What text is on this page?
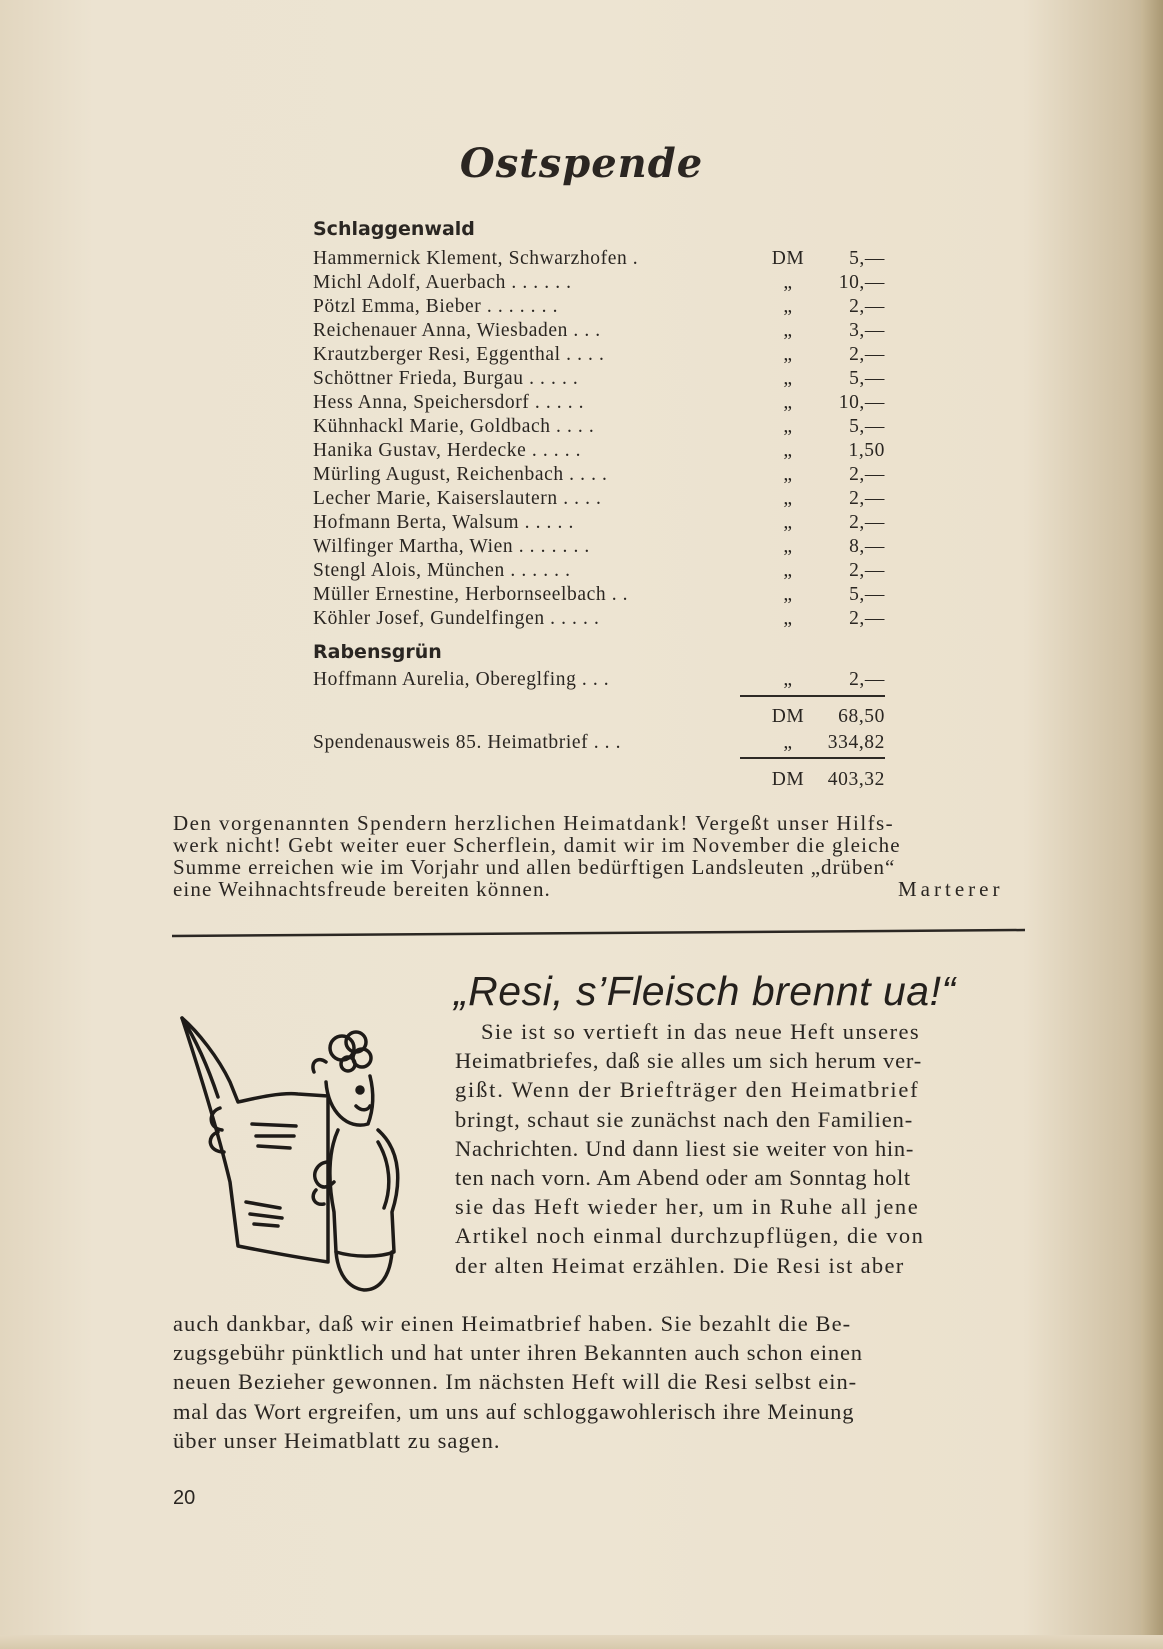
Ostspende
Schlaggenwald
Hammernick Klement, Schwarzhofen .	DM	5,—
Michl Adolf, Auerbach . . . . . .	„	10,—
Pötzl Emma, Bieber . . . . . . .	„	2,—
Reichenauer Anna, Wiesbaden . . .	„	3,—
Krautzberger Resi, Eggenthal . . . .	„	2,—
Schöttner Frieda, Burgau . . . . .	„	5,—
Hess Anna, Speichersdorf . . . . .	„	10,—
Kühnhackl Marie, Goldbach . . . .	„	5,—
Hanika Gustav, Herdecke . . . . .	„	1,50
Mürling August, Reichenbach . . . .	„	2,—
Lecher Marie, Kaiserslautern . . . .	„	2,—
Hofmann Berta, Walsum . . . . .	„	2,—
Wilfinger Martha, Wien . . . . . . .	„	8,—
Stengl Alois, München . . . . . .	„	2,—
Müller Ernestine, Herbornseelbach . .	„	5,—
Köhler Josef, Gundelfingen . . . . .	„	2,—
Rabensgrün
Hoffmann Aurelia, Obereglfing . . .	„	2,—
DM	68,50
Spendenausweis 85. Heimatbrief . . .	„	334,82
DM	403,32
Den vorgenannten Spendern herzlichen Heimatdank! Vergeßt unser Hilfs-
werk nicht! Gebt weiter euer Scherflein, damit wir im November die gleiche
Summe erreichen wie im Vorjahr und allen bedürftigen Landsleuten „drüben“
eine Weihnachtsfreude bereiten können.	Marterer
„Resi, s’Fleisch brennt ua!“
Sie ist so vertieft in das neue Heft unseres
Heimatbriefes, daß sie alles um sich herum ver-
gißt. Wenn der Briefträger den Heimatbrief
bringt, schaut sie zunächst nach den Familien-
Nachrichten. Und dann liest sie weiter von hin-
ten nach vorn. Am Abend oder am Sonntag holt
sie das Heft wieder her, um in Ruhe all jene
Artikel noch einmal durchzupflügen, die von
der alten Heimat erzählen. Die Resi ist aber
auch dankbar, daß wir einen Heimatbrief haben. Sie bezahlt die Be-
zugsgebühr pünktlich und hat unter ihren Bekannten auch schon einen
neuen Bezieher gewonnen. Im nächsten Heft will die Resi selbst ein-
mal das Wort ergreifen, um uns auf schloggawohlerisch ihre Meinung
über unser Heimatblatt zu sagen.
20
